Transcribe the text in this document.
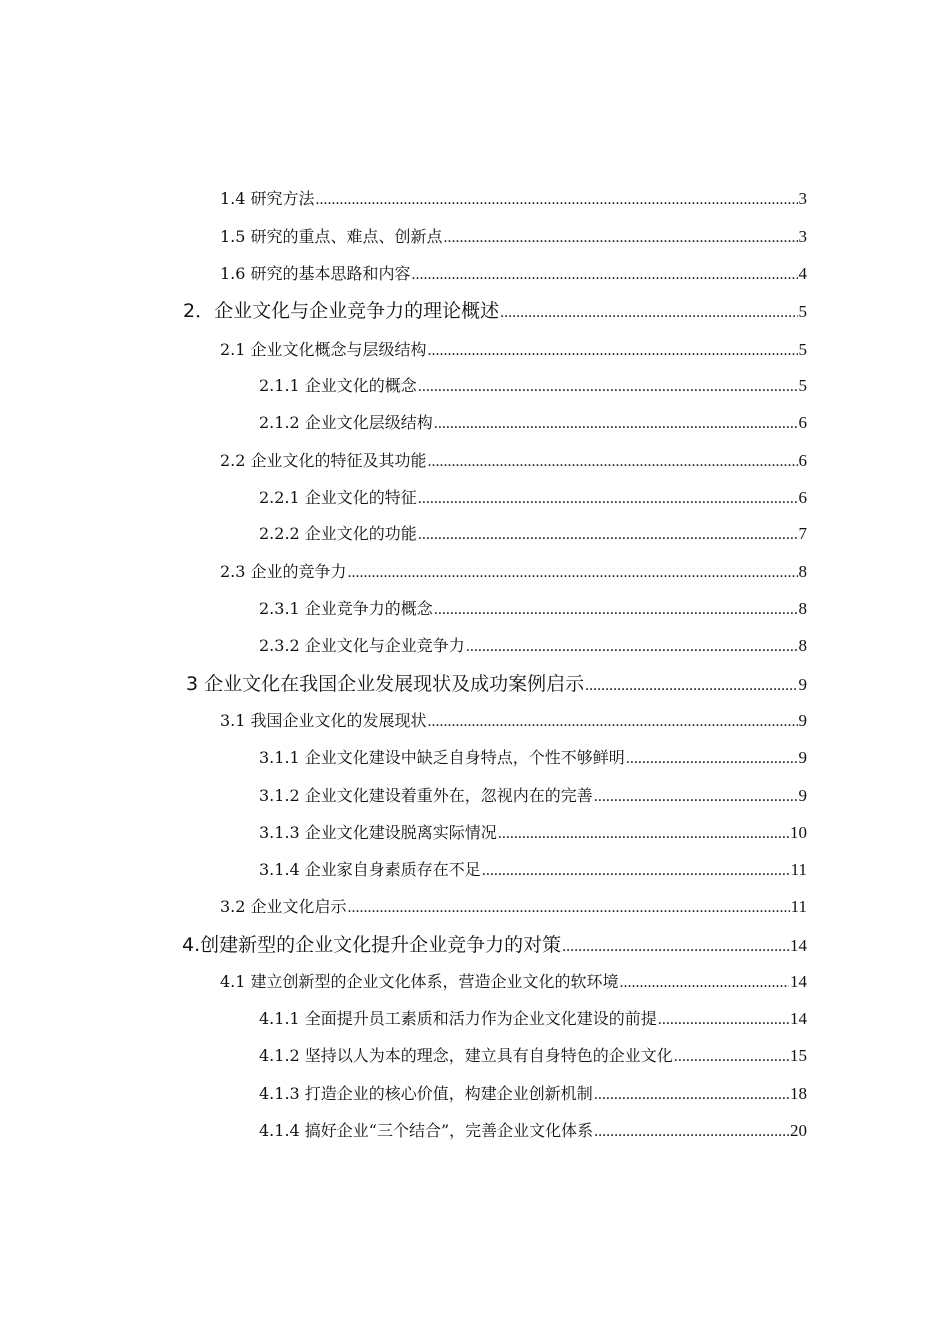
1.4 研究方法 .....	3
1.5 研究的重点、难点、创新点 .....	3
1.6 研究的基本思路和内容 .....	4
2．企业文化与企业竞争力的理论概述 .....	5
2.1 企业文化概念与层级结构 .....	5
2.1.1 企业文化的概念 .....	5
2.1.2 企业文化层级结构 .....	6
2.2 企业文化的特征及其功能 .....	6
2.2.1 企业文化的特征 .....	6
2.2.2 企业文化的功能 .....	7
2.3 企业的竞争力 .....	8
2.3.1 企业竞争力的概念 .....	8
2.3.2 企业文化与企业竞争力 .....	8
3 企业文化在我国企业发展现状及成功案例启示 .....	9
3.1 我国企业文化的发展现状 .....	9
3.1.1 企业文化建设中缺乏自身特点，个性不够鲜明 .....	9
3.1.2 企业文化建设着重外在，忽视内在的完善 .....	9
3.1.3 企业文化建设脱离实际情况 .....	10
3.1.4 企业家自身素质存在不足 .....	11
3.2 企业文化启示 .....	11
4.创建新型的企业文化提升企业竞争力的对策 .....	14
4.1 建立创新型的企业文化体系，营造企业文化的软环境 .....	14
4.1.1 全面提升员工素质和活力作为企业文化建设的前提 .....	14
4.1.2 坚持以人为本的理念，建立具有自身特色的企业文化 .....	15
4.1.3 打造企业的核心价值，构建企业创新机制 .....	18
4.1.4 搞好企业“三个结合”，完善企业文化体系 .....	20
